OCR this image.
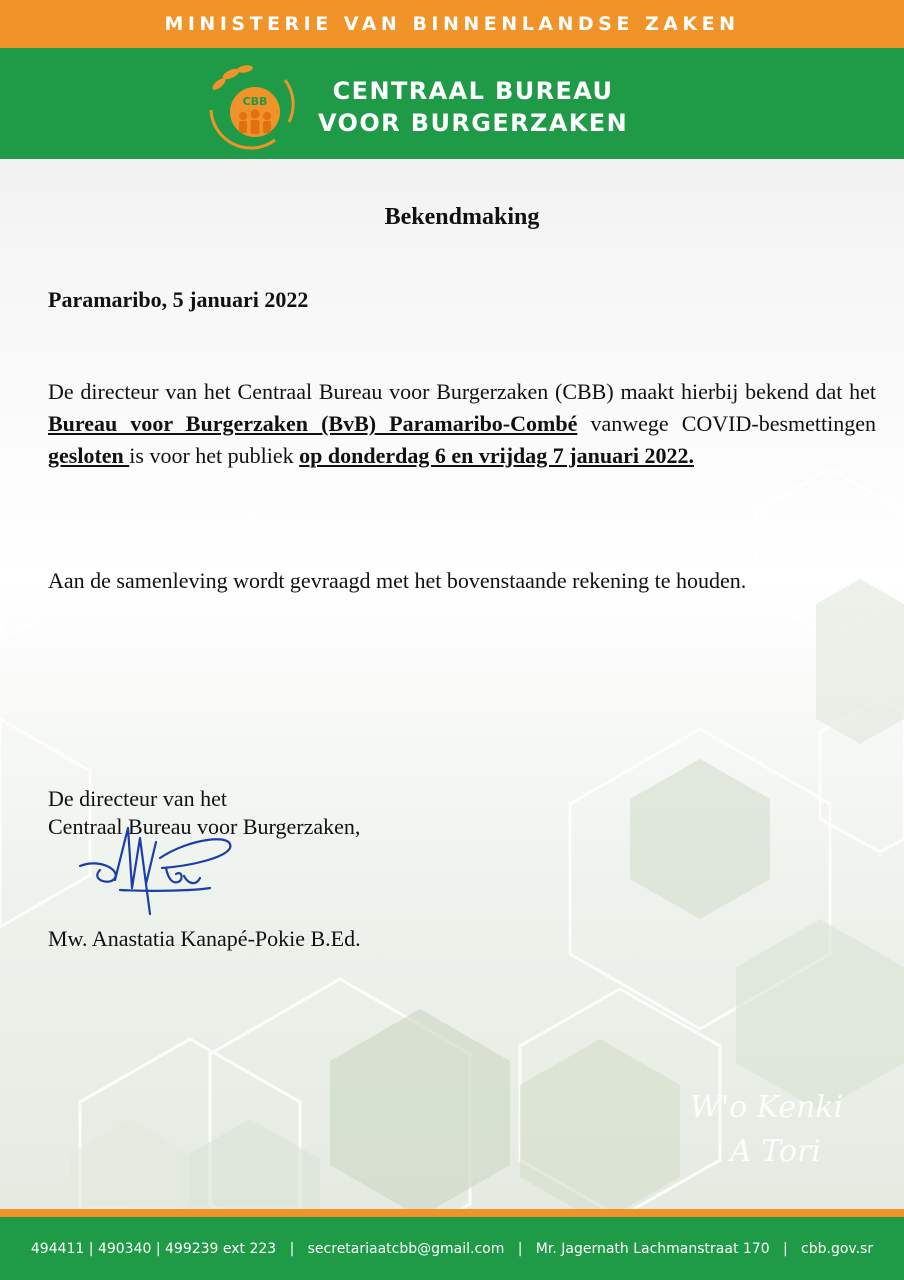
MINISTERIE VAN BINNENLANDSE ZAKEN
CBB	CENTRAAL BUREAU
VOOR BURGERZAKEN
Bekendmaking
Paramaribo, 5 januari 2022
De directeur van het Centraal Bureau voor Burgerzaken (CBB) maakt hierbij bekend dat het Bureau voor Burgerzaken (BvB) Paramaribo-Combé vanwege COVID-besmettingen gesloten is voor het publiek op donderdag 6 en vrijdag 7 januari 2022.
Aan de samenleving wordt gevraagd met het bovenstaande rekening te houden.
De directeur van het
Centraal Bureau voor Burgerzaken,
Mw. Anastatia Kanapé-Pokie B.Ed.
W'o Kenki
A Tori
494411 | 490340 | 499239 ext 223   |   secretariaatcbb@gmail.com   |   Mr. Jagernath Lachmanstraat 170   |   cbb.gov.sr
